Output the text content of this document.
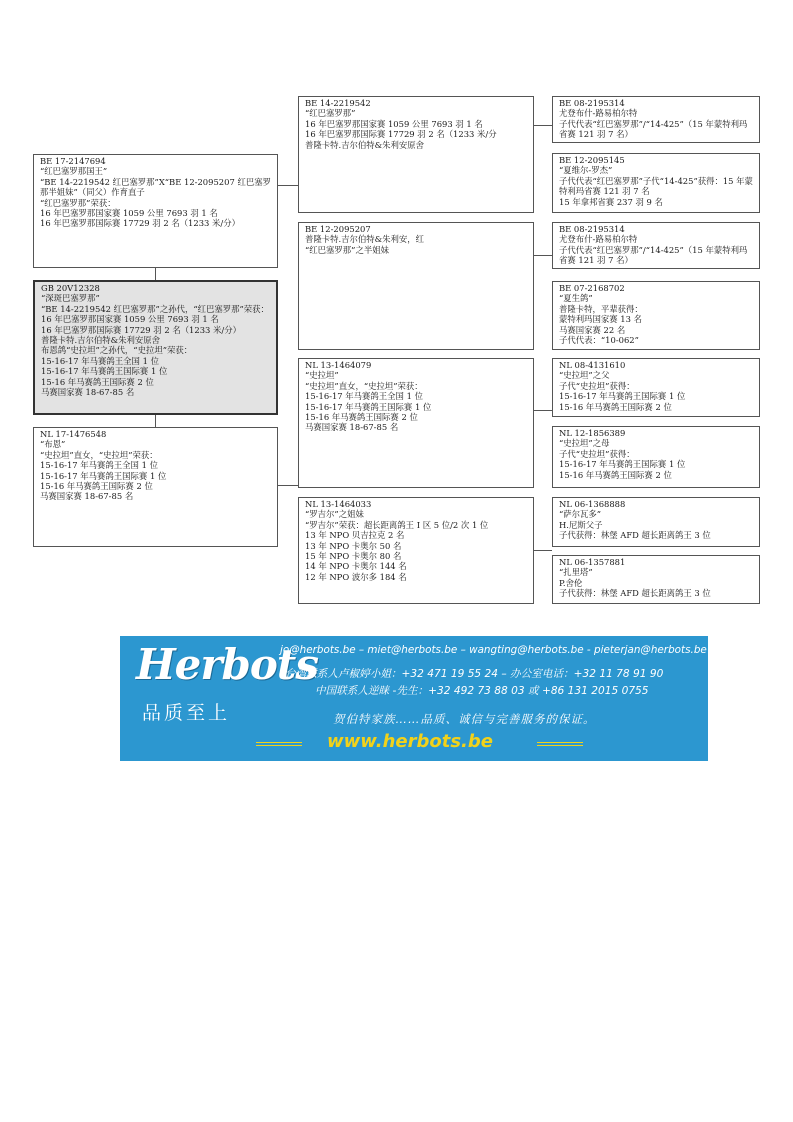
BE 17-2147694
“红巴塞罗那国王”
“BE 14-2219542 红巴塞罗那”X“BE 12-2095207 红巴塞罗那半姐妹”（同父）作育直子
“红巴塞罗那”荣获：
16 年巴塞罗那国家赛 1059 公里 7693 羽 1 名
16 年巴塞罗那国际赛 17729 羽 2 名（1233 米/分）
GB 20V12328
“深斑巴塞罗那”
“BE 14-2219542 红巴塞罗那”之孙代，“红巴塞罗那”荣获：
16 年巴塞罗那国家赛 1059 公里 7693 羽 1 名
16 年巴塞罗那国际赛 17729 羽 2 名（1233 米/分）
普隆卡特.吉尔伯特&朱利安原舍
布恩鸽“史拉坦”之孙代，“史拉坦”荣获：
15-16-17 年马赛鸽王全国 1 位
15-16-17 年马赛鸽王国际赛 1 位
15-16 年马赛鸽王国际赛 2 位
马赛国家赛 18-67-85 名
NL 17-1476548
“布恩”
“史拉坦”直女，“史拉坦”荣获：
15-16-17 年马赛鸽王全国 1 位
15-16-17 年马赛鸽王国际赛 1 位
15-16 年马赛鸽王国际赛 2 位
马赛国家赛 18-67-85 名
BE 14-2219542
“红巴塞罗那”
16 年巴塞罗那国家赛 1059 公里 7693 羽 1 名
16 年巴塞罗那国际赛 17729 羽 2 名（1233 米/分
普隆卡特.吉尔伯特&朱利安原舍
BE 12-2095207
普隆卡特.吉尔伯特&朱利安，红
“红巴塞罗那”之半姐妹
NL 13-1464079
“史拉坦”
“史拉坦”直女，“史拉坦”荣获：
15-16-17 年马赛鸽王全国 1 位
15-16-17 年马赛鸽王国际赛 1 位
15-16 年马赛鸽王国际赛 2 位
马赛国家赛 18-67-85 名
NL 13-1464033
“罗吉尔”之姐妹
“罗吉尔”荣获：超长距离鸽王 I 区 5 位/2 次 1 位
13 年 NPO 贝吉拉克 2 名
13 年 NPO 卡奥尔 50 名
15 年 NPO 卡奥尔 80 名
14 年 NPO 卡奥尔 144 名
12 年 NPO 波尔多 184 名
BE 08-2195314
尤登布什-路易柏尔特
子代代表“红巴塞罗那”/“14-425”（15 年蒙特利玛省赛 121 羽 7 名）
BE 12-2095145
“夏维尔-罗杰”
子代代表“红巴塞罗那”子代“14-425”获得：15 年蒙特利玛省赛 121 羽 7 名
15 年拿邦省赛 237 羽 9 名
BE 08-2195314
尤登布什-路易柏尔特
子代代表“红巴塞罗那”/“14-425”（15 年蒙特利玛省赛 121 羽 7 名）
BE 07-2168702
“夏生鸽”
普隆卡特，平辈获得：
蒙特利玛国家赛 13 名
马赛国家赛 22 名
子代代表：“10-062”
NL 08-4131610
“史拉坦”之父
子代“史拉坦”获得：
15-16-17 年马赛鸽王国际赛 1 位
15-16 年马赛鸽王国际赛 2 位
NL 12-1856389
“史拉坦”之母
子代“史拉坦”获得：
15-16-17 年马赛鸽王国际赛 1 位
15-16 年马赛鸽王国际赛 2 位
NL 06-1368888
“萨尔瓦多”
H.尼斯父子
子代获得：林堡 AFD 超长距离鸽王 3 位
NL 06-1357881
“扎里塔”
P.舍伦
子代获得：林堡 AFD 超长距离鸽王 3 位
Herbots
品质至上
jo@herbots.be – miet@herbots.be – wangting@herbots.be - pieterjan@herbots.be
台湾联系人卢椒婷小姐：+32 471 19 55 24 – 办公室电话：+32 11 78 91 90
中国联系人逆睐 -先生：+32 492 73 88 03 或 +86 131 2015 0755
贺伯特家族……品质、诚信与完善服务的保证。
www.herbots.be
